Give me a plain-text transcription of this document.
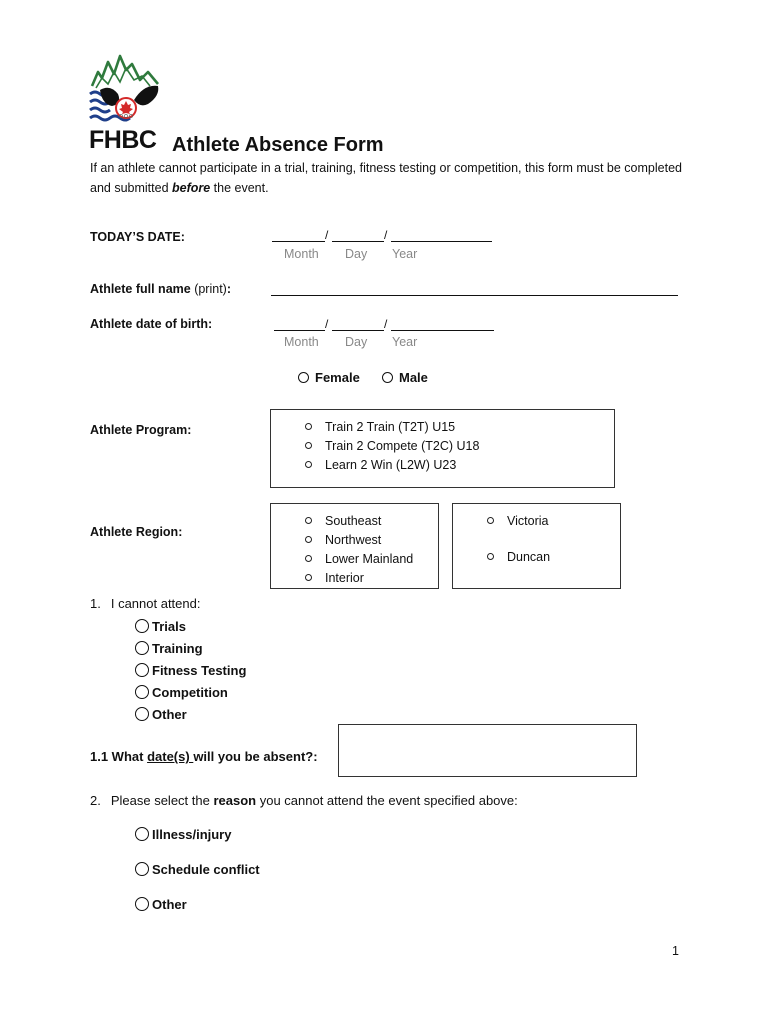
FHBC Athlete Absence Form
If an athlete cannot participate in a trial, training, fitness testing or competition, this form must be completed and submitted before the event.
TODAY’S DATE:	/	/
Month Day Year
Athlete full name (print):
Athlete date of birth:	/	/
Month Day Year
Female	Male
Athlete Program:	Train 2 Train (T2T) U15
Train 2 Compete (T2C) U18
Learn 2 Win (L2W) U23
Athlete Region:
Southeast
Northwest
Lower Mainland
Interior
Victoria
Duncan
1. I cannot attend:
Trials
Training
Fitness Testing
Competition
Other
1.1 What date(s) will you be absent?:
2. Please select the reason you cannot attend the event specified above:
Illness/injury
Schedule conflict
Other
1
